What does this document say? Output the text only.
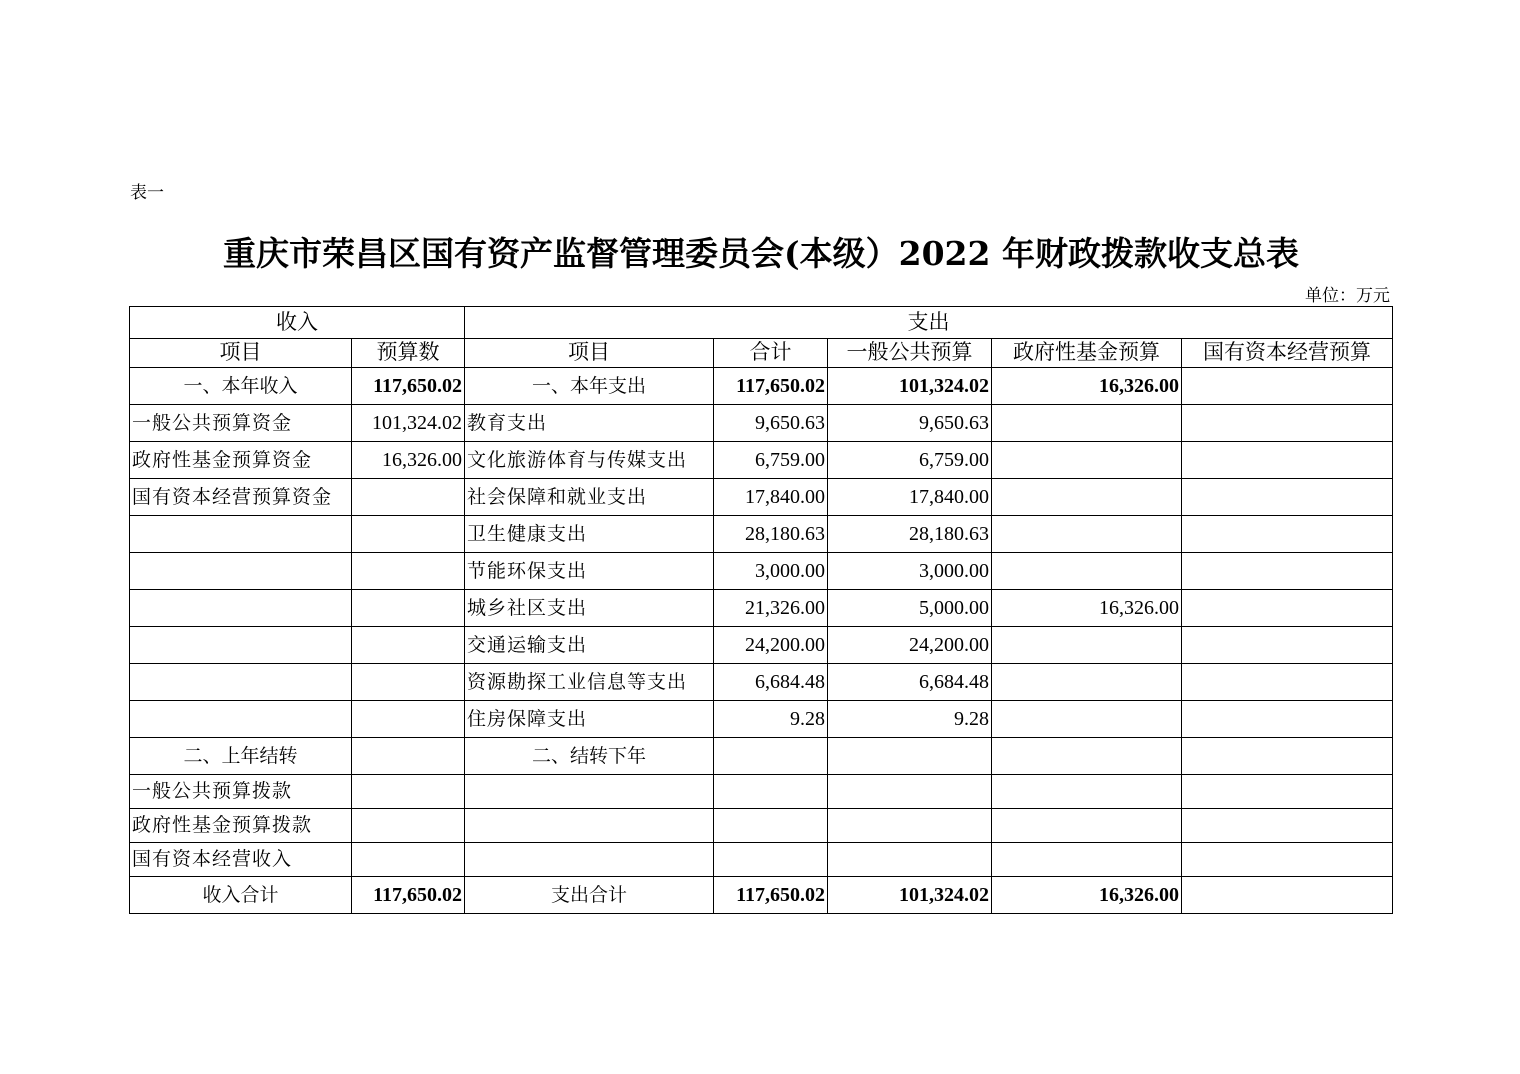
表一
重庆市荣昌区国有资产监督管理委员会(本级）2022 年财政拨款收支总表
单位：万元
收入		支出				
项目	预算数	项目	合计	一般公共预算	政府性基金预算	国有资本经营预算
一、本年收入	117,650.02	一、本年支出	117,650.02	101,324.02	16,326.00	
一般公共预算资金	101,324.02	教育支出	9,650.63	9,650.63		
政府性基金预算资金	16,326.00	文化旅游体育与传媒支出	6,759.00	6,759.00		
国有资本经营预算资金		社会保障和就业支出	17,840.00	17,840.00		
		卫生健康支出	28,180.63	28,180.63		
		节能环保支出	3,000.00	3,000.00		
		城乡社区支出	21,326.00	5,000.00	16,326.00	
		交通运输支出	24,200.00	24,200.00		
		资源勘探工业信息等支出	6,684.48	6,684.48		
		住房保障支出	9.28	9.28		
二、上年结转		二、结转下年				
一般公共预算拨款						
政府性基金预算拨款						
国有资本经营收入						
收入合计	117,650.02	支出合计	117,650.02	101,324.02	16,326.00	
